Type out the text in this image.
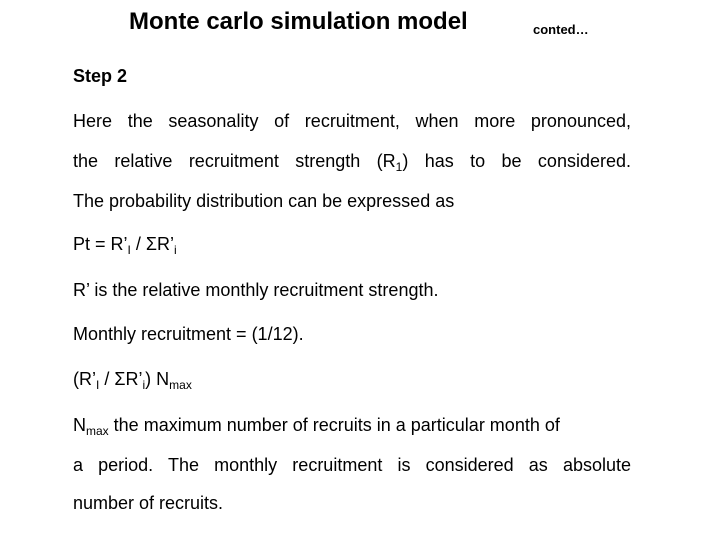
Monte carlo simulation model	conted…
Step 2
Here the seasonality of recruitment, when more pronounced,
the relative recruitment strength $(R_1)$ has to be considered.
The probability distribution can be expressed as
$Pt = R’_I$ / $\Sigma R’_i$
R’ is the relative monthly recruitment strength.
Monthly recruitment = (1/12).
($R’_I$ / $\Sigma R’_i$) $N_{max}$
$N_{max}$ the maximum number of recruits in a particular month of
a period. The monthly recruitment is considered as absolute
number of recruits.
